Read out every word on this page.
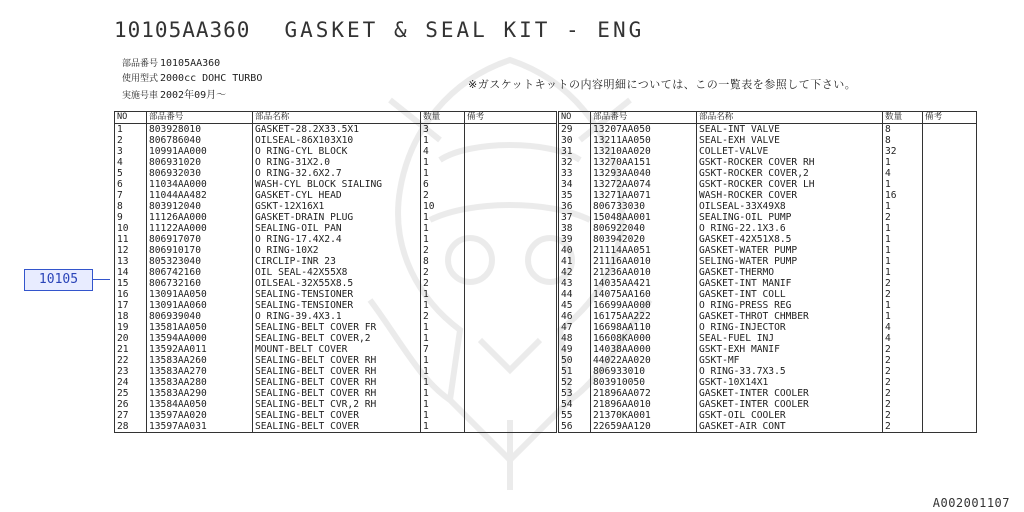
10105AA360 GASKET & SEAL KIT - ENG
部品番号 10105AA360
使用型式 2000cc DOHC TURBO
実施号車 2002年09月～
※ガスケットキットの内容明細については、この一覧表を参照して下さい。
NO	部品番号	部品名称	数量	備考
1	803928010	GASKET-28.2X33.5X1	3	
2	806786040	OILSEAL-86X103X10	1	
3	10991AA000	O RING-CYL BLOCK	4	
4	806931020	O RING-31X2.0	1	
5	806932030	O RING-32.6X2.7	1	
6	11034AA000	WASH-CYL BLOCK SIALING	6	
7	11044AA482	GASKET-CYL HEAD	2	
8	803912040	GSKT-12X16X1	10	
9	11126AA000	GASKET-DRAIN PLUG	1	
10	11122AA000	SEALING-OIL PAN	1	
11	806917070	O RING-17.4X2.4	1	
12	806910170	O RING-10X2	2	
13	805323040	CIRCLIP-INR 23	8	
14	806742160	OIL SEAL-42X55X8	2	
15	806732160	OILSEAL-32X55X8.5	2	
16	13091AA050	SEALING-TENSIONER	1	
17	13091AA060	SEALING-TENSIONER	1	
18	806939040	O RING-39.4X3.1	2	
19	13581AA050	SEALING-BELT COVER FR	1	
20	13594AA000	SEALING-BELT COVER,2	1	
21	13592AA011	MOUNT-BELT COVER	7	
22	13583AA260	SEALING-BELT COVER RH	1	
23	13583AA270	SEALING-BELT COVER RH	1	
24	13583AA280	SEALING-BELT COVER RH	1	
25	13583AA290	SEALING-BELT COVER RH	1	
26	13584AA050	SEALING-BELT CVR,2 RH	1	
27	13597AA020	SEALING-BELT COVER	1	
28	13597AA031	SEALING-BELT COVER	1	
NO	部品番号	部品名称	数量	備考
29	13207AA050	SEAL-INT VALVE	8	
30	13211AA050	SEAL-EXH VALVE	8	
31	13210AA020	COLLET-VALVE	32	
32	13270AA151	GSKT-ROCKER COVER RH	1	
33	13293AA040	GSKT-ROCKER COVER,2	4	
34	13272AA074	GSKT-ROCKER COVER LH	1	
35	13271AA071	WASH-ROCKER COVER	16	
36	806733030	OILSEAL-33X49X8	1	
37	15048AA001	SEALING-OIL PUMP	2	
38	806922040	O RING-22.1X3.6	1	
39	803942020	GASKET-42X51X8.5	1	
40	21114AA051	GASKET-WATER PUMP	1	
41	21116AA010	SELING-WATER PUMP	1	
42	21236AA010	GASKET-THERMO	1	
43	14035AA421	GASKET-INT MANIF	2	
44	14075AA160	GASKET-INT COLL	2	
45	16699AA000	O RING-PRESS REG	1	
46	16175AA222	GASKET-THROT CHMBER	1	
47	16698AA110	O RING-INJECTOR	4	
48	16608KA000	SEAL-FUEL INJ	4	
49	14038AA000	GSKT-EXH MANIF	2	
50	44022AA020	GSKT-MF	2	
51	806933010	O RING-33.7X3.5	2	
52	803910050	GSKT-10X14X1	2	
53	21896AA072	GASKET-INTER COOLER	2	
54	21896AA010	GASKET-INTER COOLER	2	
55	21370KA001	GSKT-OIL COOLER	2	
56	22659AA120	GASKET-AIR CONT	2	
10105
A002001107
